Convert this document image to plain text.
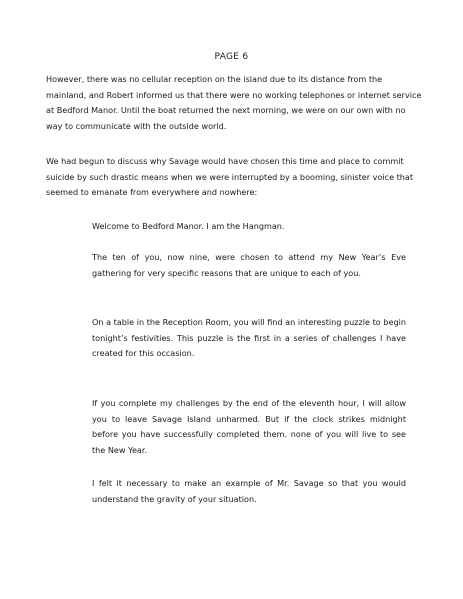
PAGE 6

However, there was no cellular reception on the island due to its distance from the mainland, and Robert informed us that there were no working telephones or internet service at Bedford Manor. Until the boat returned the next morning, we were on our own with no way to communicate with the outside world.

We had begun to discuss why Savage would have chosen this time and place to commit suicide by such drastic means when we were interrupted by a booming, sinister voice that seemed to emanate from everywhere and nowhere:

Welcome to Bedford Manor. I am the Hangman.

The ten of you, now nine, were chosen to attend my New Year’s Eve gathering for very specific reasons that are unique to each of you.

On a table in the Reception Room, you will find an interesting puzzle to begin tonight’s festivities. This puzzle is the first in a series of challenges I have created for this occasion.

If you complete my challenges by the end of the eleventh hour, I will allow you to leave Savage Island unharmed. But if the clock strikes midnight before you have successfully completed them. none of you will live to see the New Year.

I felt it necessary to make an example of Mr. Savage so that you would understand the gravity of your situation.
